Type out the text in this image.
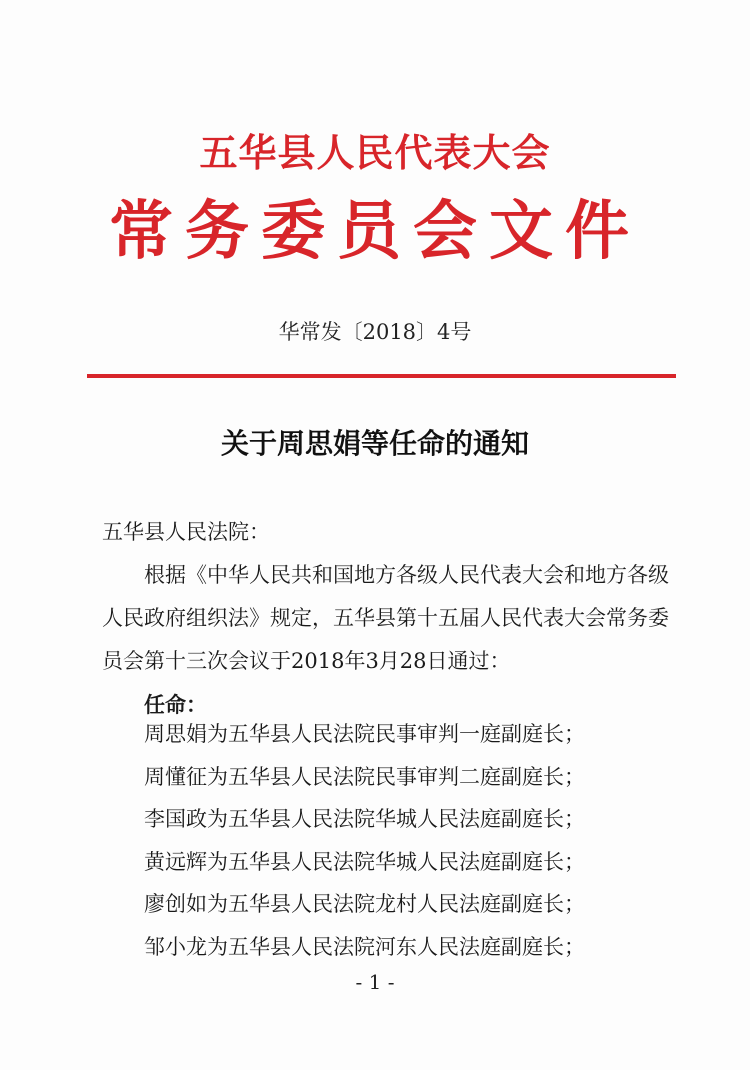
五华县人民代表大会
常务委员会文件
华常发〔2018〕4号
关于周思娟等任命的通知
五华县人民法院：
根据《中华人民共和国地方各级人民代表大会和地方各级
人民政府组织法》规定，五华县第十五届人民代表大会常务委
员会第十三次会议于2018年3月28日通过：
任命：
周思娟为五华县人民法院民事审判一庭副庭长；
周懂征为五华县人民法院民事审判二庭副庭长；
李国政为五华县人民法院华城人民法庭副庭长；
黄远辉为五华县人民法院华城人民法庭副庭长；
廖创如为五华县人民法院龙村人民法庭副庭长；
邹小龙为五华县人民法院河东人民法庭副庭长；
- 1 -
